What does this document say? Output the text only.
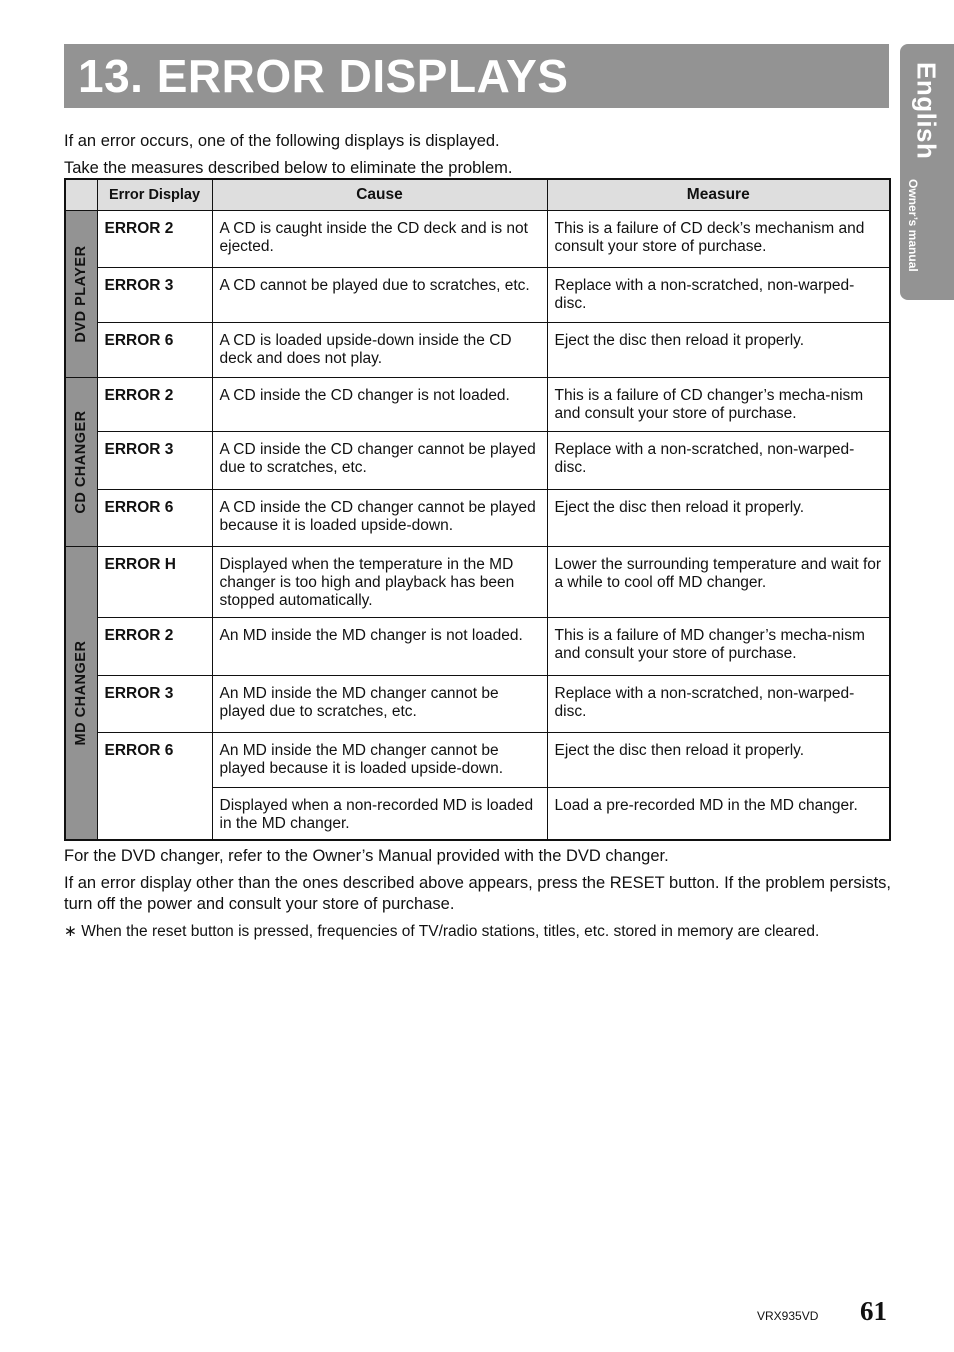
13. ERROR DISPLAYS	English
Owner’s manual

If an error occurs, one of the following displays is displayed.

Take the measures described below to eliminate the problem.

	Error Display	Cause	Measure

DVD PLAYER	ERROR 2	A CD is caught inside the CD deck and is not ejected.	This is a failure of CD deck’s mechanism and consult your store of purchase.
	ERROR 3	A CD cannot be played due to scratches, etc.	Replace with a non-scratched, non-warped-disc.
	ERROR 6	A CD is loaded upside-down inside the CD deck and does not play.	Eject the disc then reload it properly.

CD CHANGER	ERROR 2	A CD inside the CD changer is not loaded.	This is a failure of CD changer’s mecha-nism and consult your store of purchase.
	ERROR 3	A CD inside the CD changer cannot be played due to scratches, etc.	Replace with a non-scratched, non-warped-disc.
	ERROR 6	A CD inside the CD changer cannot be played because it is loaded upside-down.	Eject the disc then reload it properly.

MD CHANGER	ERROR H	Displayed when the temperature in the MD changer is too high and playback has been stopped automatically.	Lower the surrounding temperature and wait for a while to cool off MD changer.
	ERROR 2	An MD inside the MD changer is not loaded.	This is a failure of MD changer’s mecha-nism and consult your store of purchase.
	ERROR 3	An MD inside the MD changer cannot be played due to scratches, etc.	Replace with a non-scratched, non-warped-disc.
	ERROR 6	An MD inside the MD changer cannot be played because it is loaded upside-down.	Eject the disc then reload it properly.
		Displayed when a non-recorded MD is loaded in the MD changer.	Load a pre-recorded MD in the MD changer.

For the DVD changer, refer to the Owner’s Manual provided with the DVD changer.

If an error display other than the ones described above appears, press the RESET button. If the problem persists, turn off the power and consult your store of purchase.

∗ When the reset button is pressed, frequencies of TV/radio stations, titles, etc. stored in memory are cleared.

VRX935VD 61
